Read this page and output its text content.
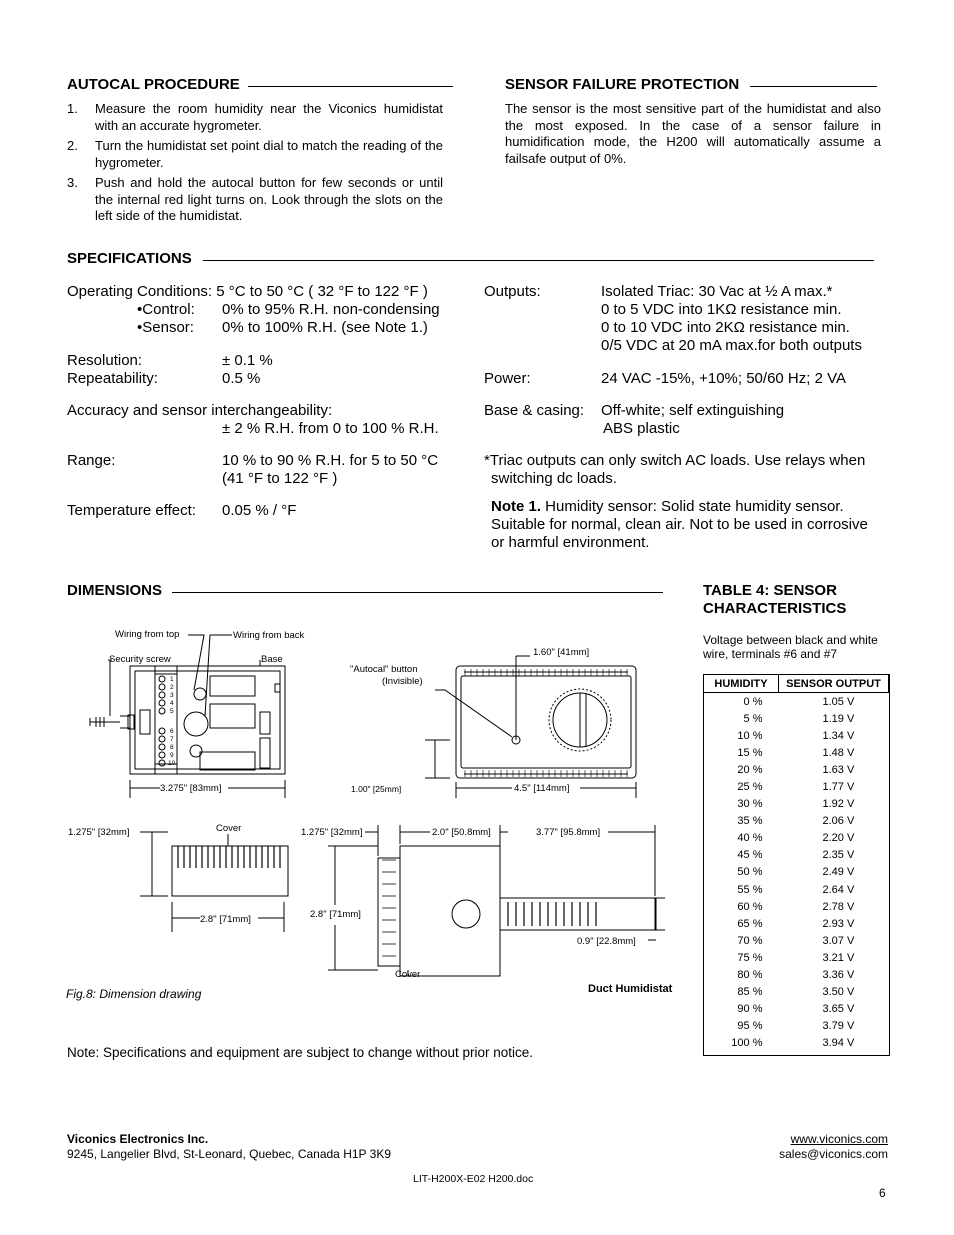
AUTOCAL PROCEDURE
1.	Measure the room humidity near the Viconics humidistat with an accurate hygrometer.
2.	Turn the humidistat set point dial to match the reading of the hygrometer.
3.	Push and hold the autocal button for few seconds or until the internal red light turns on. Look through the slots on the left side of the humidistat.
SENSOR FAILURE PROTECTION
The sensor is the most sensitive part of the humidistat and also the most exposed. In the case of a sensor failure in humidification mode, the H200 will automatically assume a failsafe output of 0%.
SPECIFICATIONS
Operating Conditions: 5 °C to 50 °C ( 32 °F to 122 °F )
•Control: 0% to 95% R.H. non-condensing
•Sensor: 0% to 100% R.H. (see Note 1.)
Resolution:	± 0.1 %
Repeatability:	0.5 %
Accuracy and sensor interchangeability:
± 2 % R.H. from 0 to 100 % R.H.
Range:	10 % to 90 % R.H. for 5 to 50 °C
(41 °F to 122 °F )
Temperature effect: 0.05 % / °F
Outputs:	Isolated Triac: 30 Vac at ½ A max.*
0 to 5 VDC into 1KΩ resistance min.
0 to 10 VDC into 2KΩ resistance min.
0/5 VDC at 20 mA max.for both outputs
Power:	24 VAC -15%, +10%; 50/60 Hz; 2 VA
Base & casing: Off-white; self extinguishing
ABS plastic
*Triac outputs can only switch AC loads. Use relays when
switching dc loads.
Note 1. Humidity sensor: Solid state humidity sensor. Suitable for normal, clean air. Not to be used in corrosive or harmful environment.
DIMENSIONS
1
2
3
4
5
6
7
8
9
10
Wiring from top	Wiring from back
Security screw	Base
"Autocal" button
(Invisible)
1.60" [41mm]
3.275" [83mm]	1.00" [25mm]	4.5" [114mm]
1.275" [32mm]	Cover	1.275" [32mm]	2.0" [50.8mm]	3.77" [95.8mm]
2.8" [71mm]	2.8" [71mm]
0.9" [22.8mm]
Cover
Duct Humidistat
Fig.8: Dimension drawing
TABLE 4: SENSOR
CHARACTERISTICS
Voltage between black and white wire, terminals #6 and #7
HUMIDITY	SENSOR OUTPUT
0 %	1.05 V
5 %	1.19 V
10 %	1.34 V
15 %	1.48 V
20 %	1.63 V
25 %	1.77 V
30 %	1.92 V
35 %	2.06 V
40 %	2.20 V
45 %	2.35 V
50 %	2.49 V
55 %	2.64 V
60 %	2.78 V
65 %	2.93 V
70 %	3.07 V
75 %	3.21 V
80 %	3.36 V
85 %	3.50 V
90 %	3.65 V
95 %	3.79 V
100 %	3.94 V
Note: Specifications and equipment are subject to change without prior notice.
Viconics Electronics Inc.
9245, Langelier Blvd, St-Leonard, Quebec, Canada H1P 3K9
www.viconics.com
sales@viconics.com
LIT-H200X-E02 H200.doc
6
